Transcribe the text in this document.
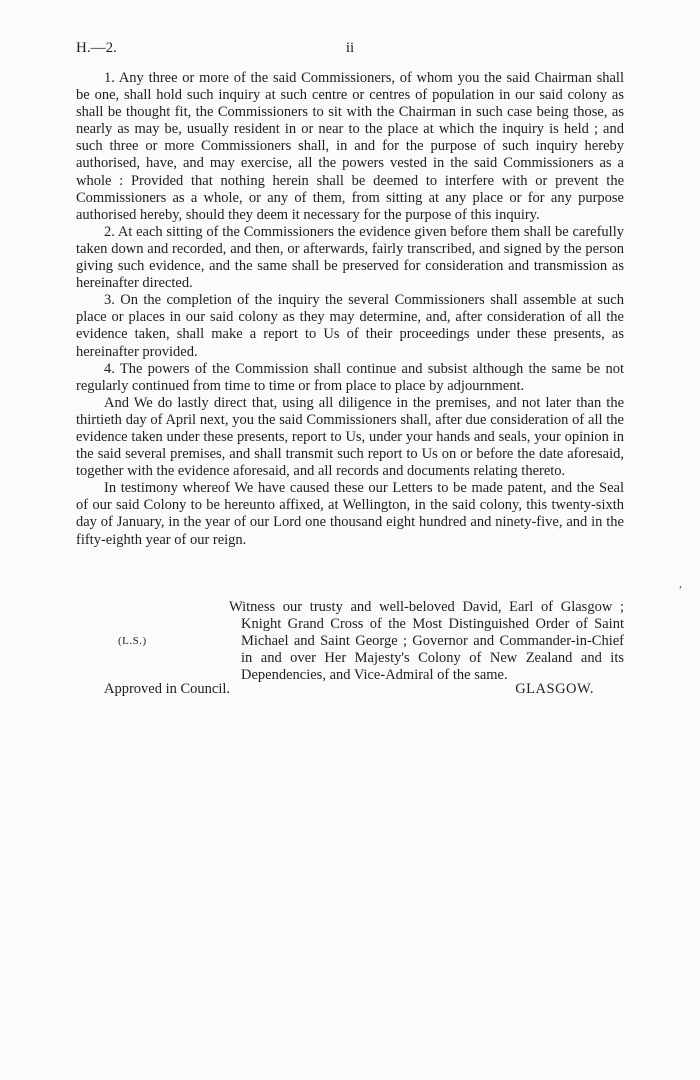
H.—2.	ii

1. Any three or more of the said Commissioners, of whom you the said Chairman shall be one, shall hold such inquiry at such centre or centres of population in our said colony as shall be thought fit, the Commissioners to sit with the Chairman in such case being those, as nearly as may be, usually resident in or near to the place at which the inquiry is held ; and such three or more Commissioners shall, in and for the purpose of such inquiry hereby authorised, have, and may exercise, all the powers vested in the said Commissioners as a whole : Provided that nothing herein shall be deemed to interfere with or prevent the Commissioners as a whole, or any of them, from sitting at any place or for any purpose authorised hereby, should they deem it necessary for the purpose of this inquiry.

2. At each sitting of the Commissioners the evidence given before them shall be carefully taken down and recorded, and then, or afterwards, fairly transcribed, and signed by the person giving such evidence, and the same shall be preserved for consideration and transmission as hereinafter directed.

3. On the completion of the inquiry the several Commissioners shall assemble at such place or places in our said colony as they may determine, and, after consideration of all the evidence taken, shall make a report to Us of their proceedings under these presents, as hereinafter provided.

4. The powers of the Commission shall continue and subsist although the same be not regularly continued from time to time or from place to place by adjournment.

And We do lastly direct that, using all diligence in the premises, and not later than the thirtieth day of April next, you the said Commissioners shall, after due consideration of all the evidence taken under these presents, report to Us, under your hands and seals, your opinion in the said several premises, and shall transmit such report to Us on or before the date aforesaid, together with the evidence aforesaid, and all records and documents relating thereto.

In testimony whereof We have caused these our Letters to be made patent, and the Seal of our said Colony to be hereunto affixed, at Wellington, in the said colony, this twenty-sixth day of January, in the year of our Lord one thousand eight hundred and ninety-five, and in the fifty-eighth year of our reign.

(L.S.)
Witness our trusty and well-beloved David, Earl of Glasgow ; Knight Grand Cross of the Most Distinguished Order of Saint Michael and Saint George ; Governor and Commander-in-Chief in and over Her Majesty's Colony of New Zealand and its Dependencies, and Vice-Admiral of the same.
Approved in Council.	GLASGOW.
,
